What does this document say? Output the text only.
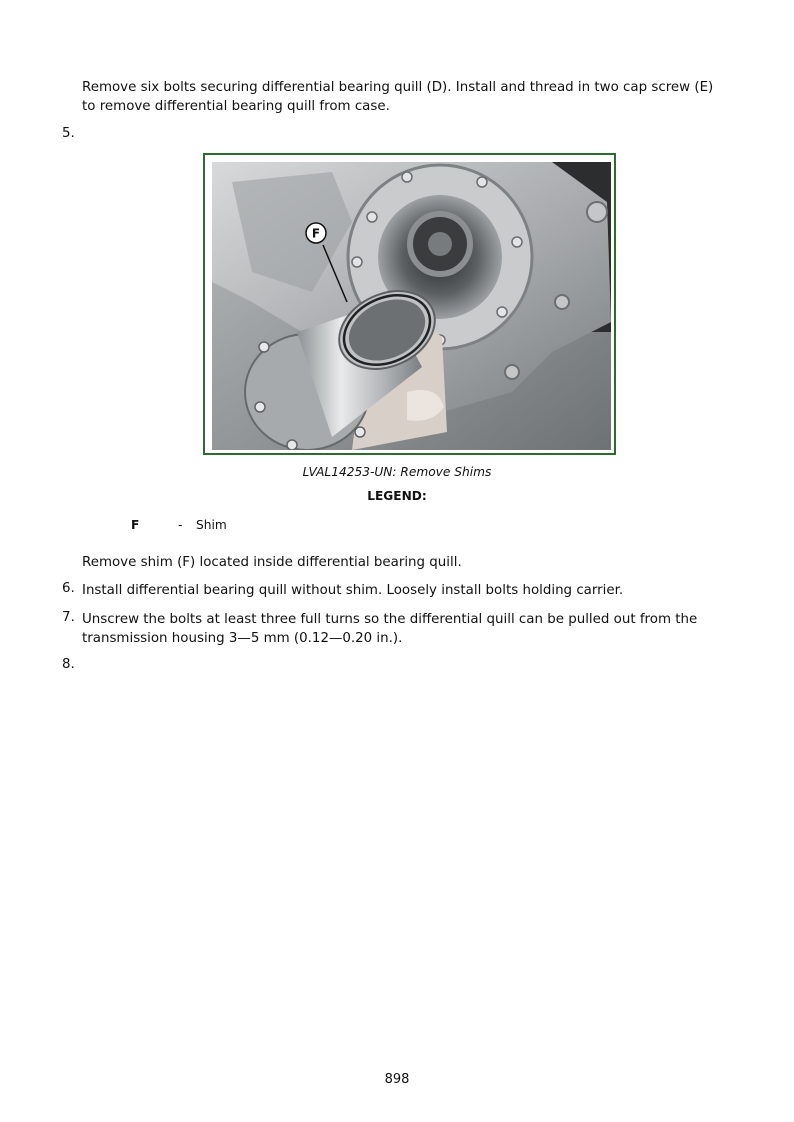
Remove six bolts securing differential bearing quill (D). Install and thread in two cap screw (E) to remove differential bearing quill from case.
5.
F
LVAL14253-UN: Remove Shims
LEGEND:
F	- Shim
Remove shim (F) located inside differential bearing quill.
6. Install differential bearing quill without shim. Loosely install bolts holding carrier.
7. Unscrew the bolts at least three full turns so the differential quill can be pulled out from the transmission housing 3—5 mm (0.12—0.20 in.).
8.
898
